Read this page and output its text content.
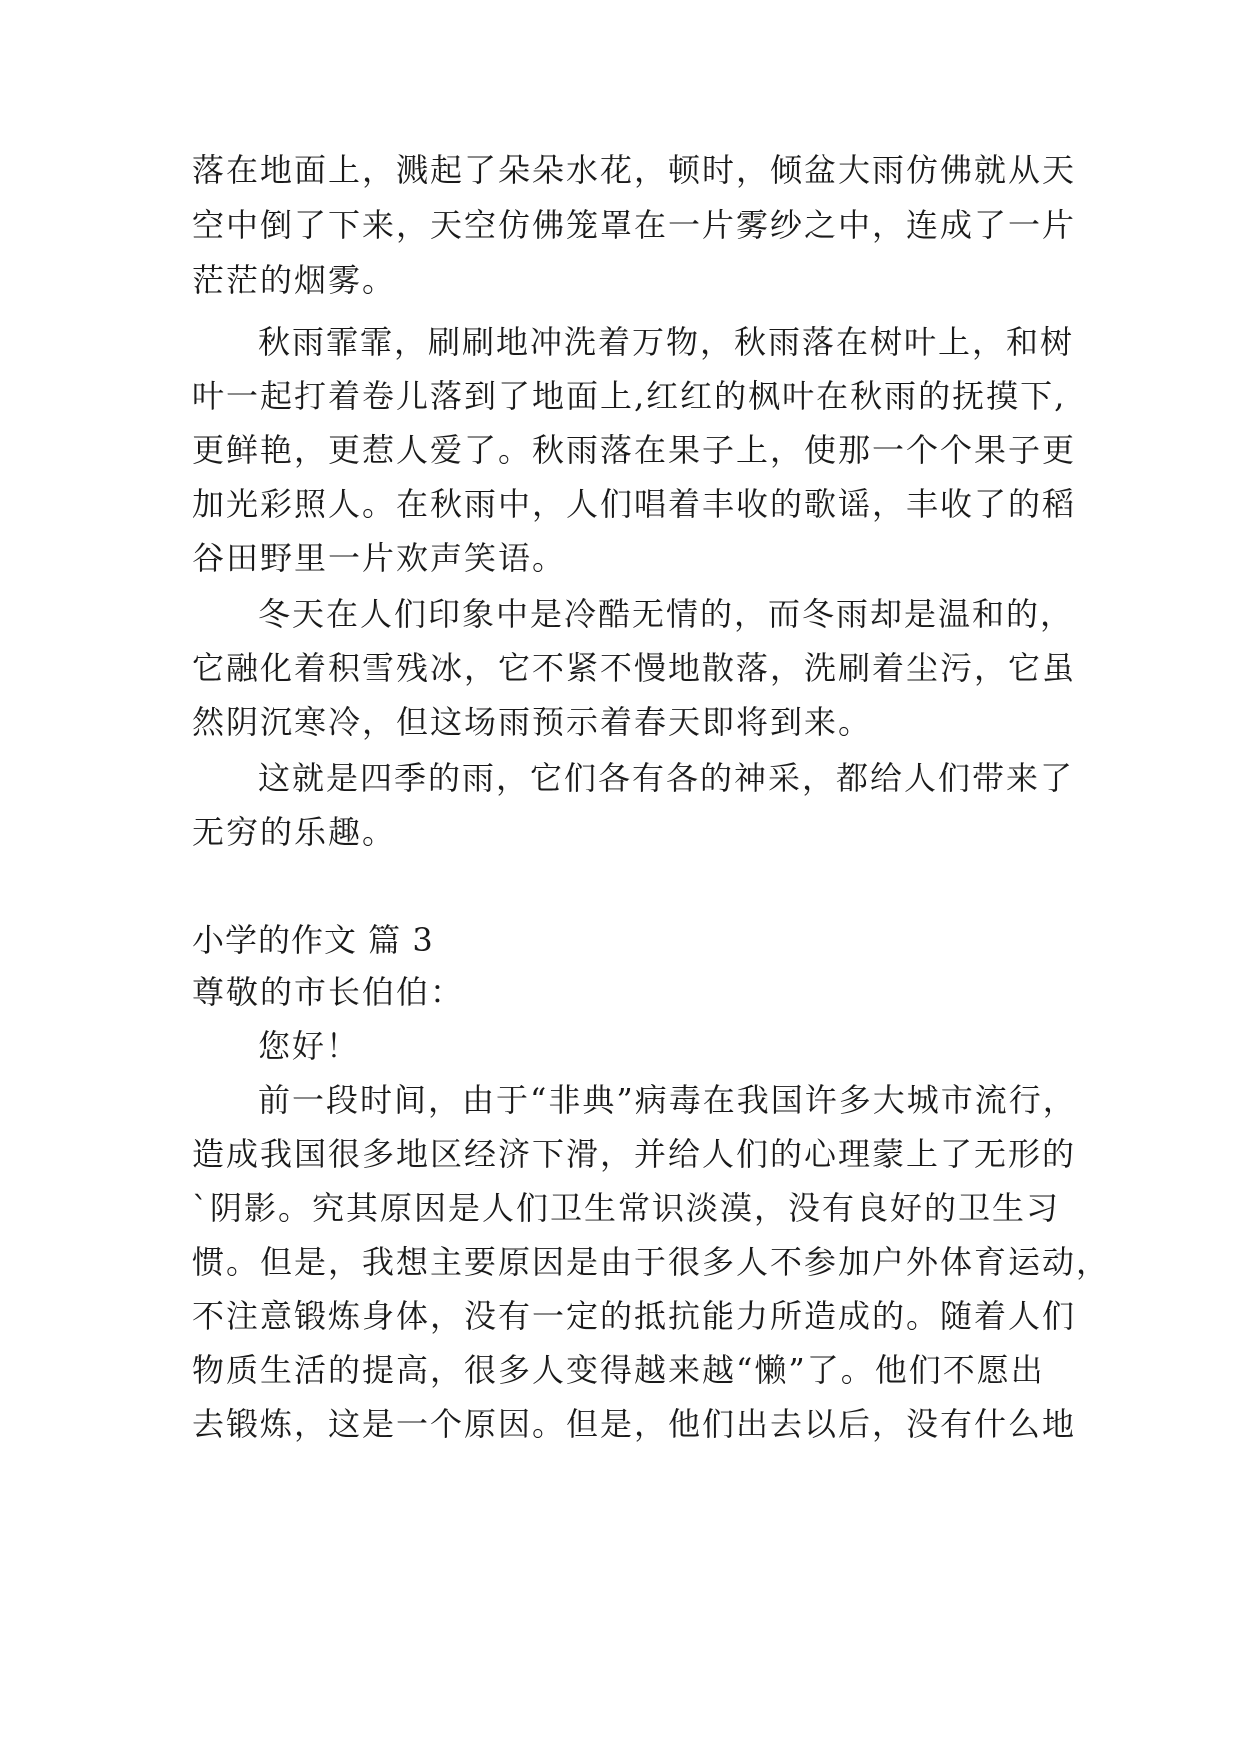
落在地面上，溅起了朵朵水花，顿时，倾盆大雨仿佛就从天
空中倒了下来，天空仿佛笼罩在一片雾纱之中，连成了一片
茫茫的烟雾。
秋雨霏霏，刷刷地冲洗着万物，秋雨落在树叶上，和树
叶一起打着卷儿落到了地面上,红红的枫叶在秋雨的抚摸下,
更鲜艳，更惹人爱了。秋雨落在果子上，使那一个个果子更
加光彩照人。在秋雨中，人们唱着丰收的歌谣，丰收了的稻
谷田野里一片欢声笑语。
冬天在人们印象中是冷酷无情的，而冬雨却是温和的，
它融化着积雪残冰，它不紧不慢地散落，洗刷着尘污，它虽
然阴沉寒冷，但这场雨预示着春天即将到来。
这就是四季的雨，它们各有各的神采，都给人们带来了
无穷的乐趣。
小学的作文 篇 3
尊敬的市长伯伯：
您好！
前一段时间，由于“非典”病毒在我国许多大城市流行，
造成我国很多地区经济下滑，并给人们的心理蒙上了无形的
`阴影。究其原因是人们卫生常识淡漠，没有良好的卫生习
惯。但是，我想主要原因是由于很多人不参加户外体育运动，
不注意锻炼身体，没有一定的抵抗能力所造成的。随着人们
物质生活的提高，很多人变得越来越“懒”了。他们不愿出
去锻炼，这是一个原因。但是，他们出去以后，没有什么地
